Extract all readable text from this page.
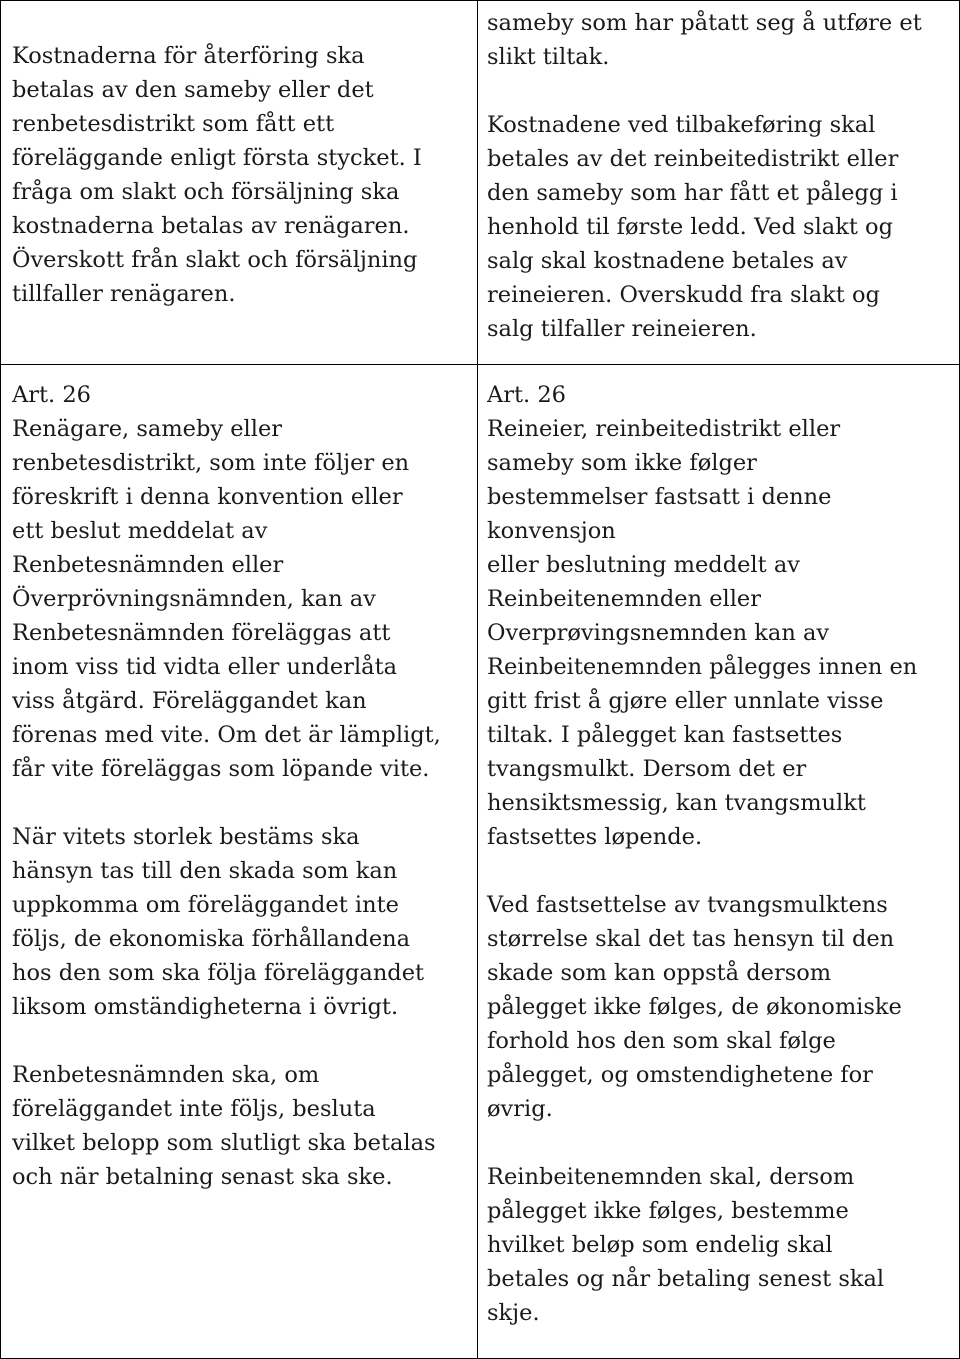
Kostnaderna för återföring ska

betalas av den sameby eller det

renbetesdistrikt som fått ett

föreläggande enligt första stycket. I

fråga om slakt och försäljning ska

kostnaderna betalas av renägaren.

Överskott från slakt och försäljning

tillfaller renägaren.

sameby som har påtatt seg å utføre et

slikt tiltak.

Kostnadene ved tilbakeføring skal

betales av det reinbeitedistrikt eller

den sameby som har fått et pålegg i

henhold til første ledd. Ved slakt og

salg skal kostnadene betales av

reineieren. Overskudd fra slakt og

salg tilfaller reineieren.

Art. 26

Renägare, sameby eller

renbetesdistrikt, som inte följer en

föreskrift i denna konvention eller

ett beslut meddelat av

Renbetesnämnden eller

Överprövningsnämnden, kan av

Renbetesnämnden föreläggas att

inom viss tid vidta eller underlåta

viss åtgärd. Föreläggandet kan

förenas med vite. Om det är lämpligt,

får vite föreläggas som löpande vite.

När vitets storlek bestäms ska

hänsyn tas till den skada som kan

uppkomma om föreläggandet inte

följs, de ekonomiska förhållandena

hos den som ska följa föreläggandet

liksom omständigheterna i övrigt.

Renbetesnämnden ska, om

föreläggandet inte följs, besluta

vilket belopp som slutligt ska betalas

och när betalning senast ska ske.

Art. 26

Reineier, reinbeitedistrikt eller

sameby som ikke følger

bestemmelser fastsatt i denne

konvensjon

eller beslutning meddelt av

Reinbeitenemnden eller

Overprøvingsnemnden kan av

Reinbeitenemnden pålegges innen en

gitt frist å gjøre eller unnlate visse

tiltak. I pålegget kan fastsettes

tvangsmulkt. Dersom det er

hensiktsmessig, kan tvangsmulkt

fastsettes løpende.

Ved fastsettelse av tvangsmulktens

størrelse skal det tas hensyn til den

skade som kan oppstå dersom

pålegget ikke følges, de økonomiske

forhold hos den som skal følge

pålegget, og omstendighetene for

øvrig.

Reinbeitenemnden skal, dersom

pålegget ikke følges, bestemme

hvilket beløp som endelig skal

betales og når betaling senest skal

skje.
